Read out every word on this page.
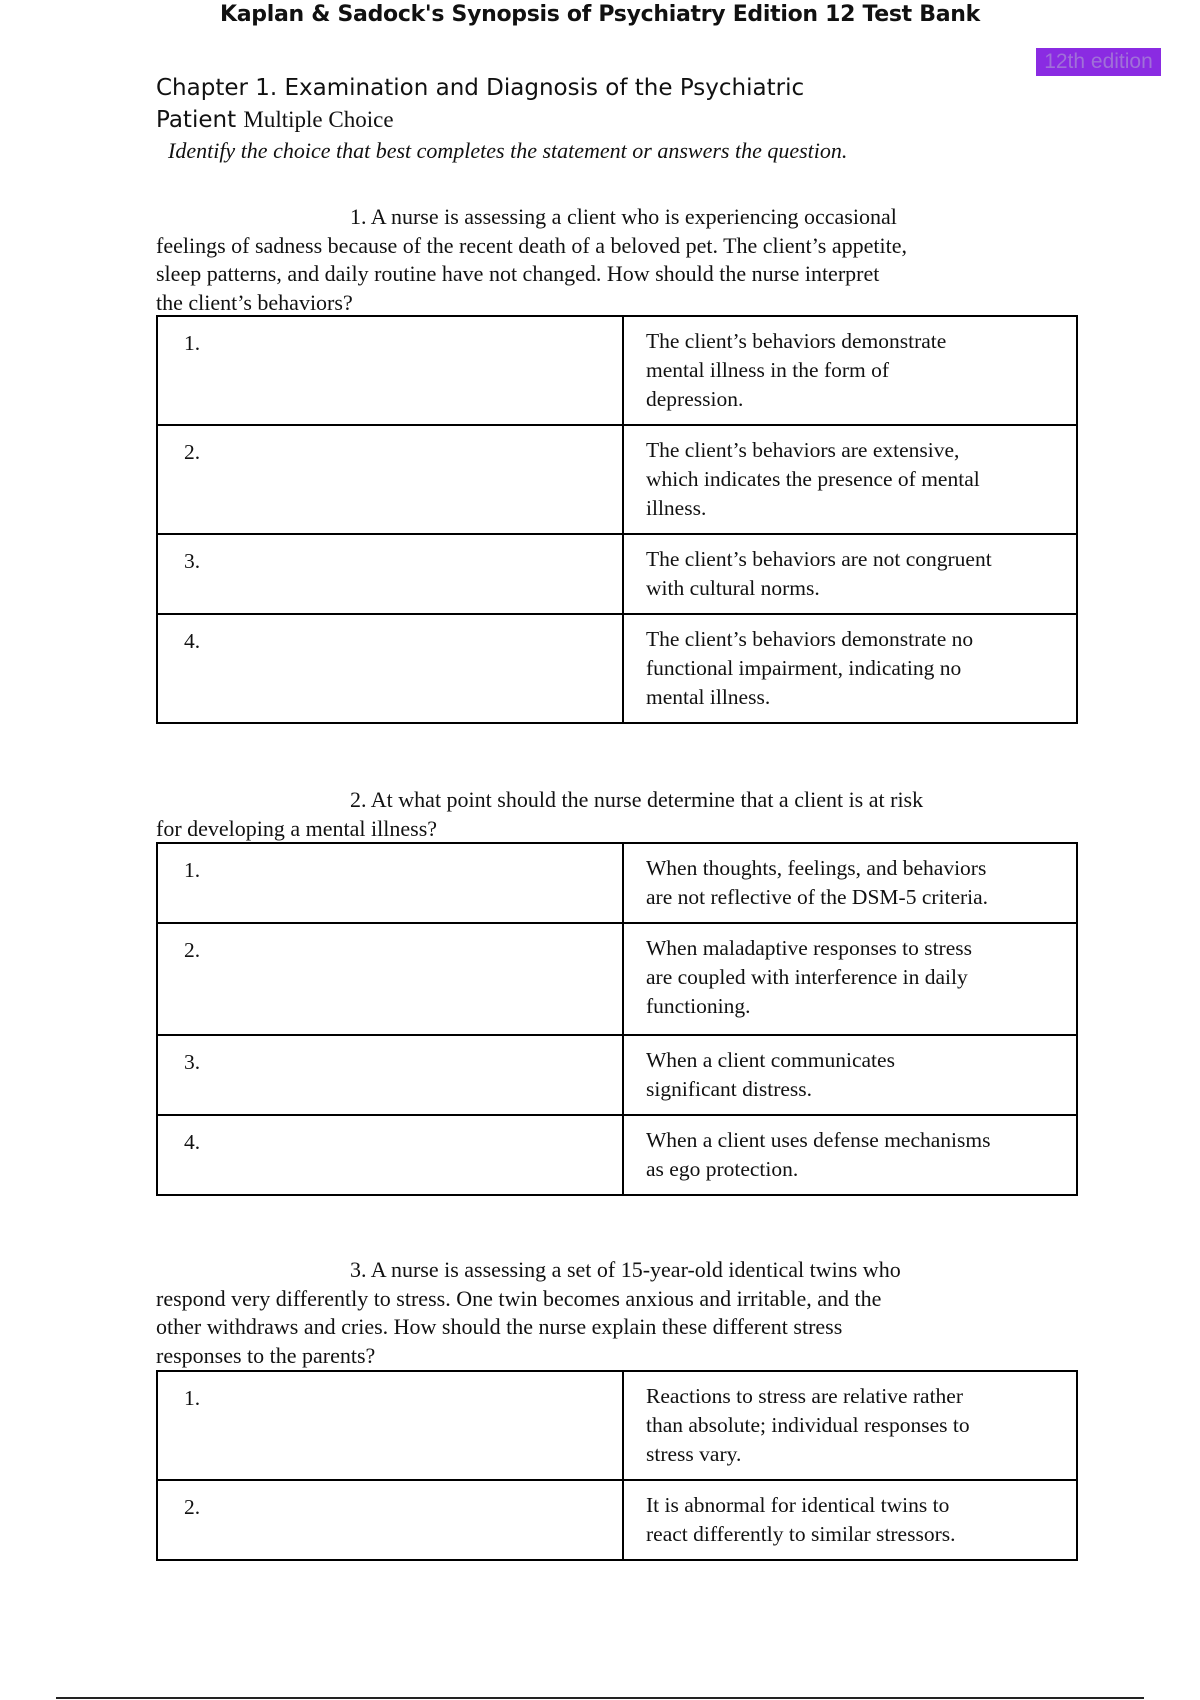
Kaplan & Sadock's Synopsis of Psychiatry Edition 12 Test Bank
12th edition
Chapter 1. Examination and Diagnosis of the Psychiatric
Patient Multiple Choice
Identify the choice that best completes the statement or answers the question.
1. A nurse is assessing a client who is experiencing occasional
feelings of sadness because of the recent death of a beloved pet. The client’s appetite,
sleep patterns, and daily routine have not changed. How should the nurse interpret
the client’s behaviors?
1.	The client’s behaviors demonstrate
mental illness in the form of
depression.

2.	The client’s behaviors are extensive,
which indicates the presence of mental
illness.

3.	The client’s behaviors are not congruent
with cultural norms.

4.	The client’s behaviors demonstrate no
functional impairment, indicating no
mental illness.
2. At what point should the nurse determine that a client is at risk
for developing a mental illness?
1.	When thoughts, feelings, and behaviors
are not reflective of the DSM-5 criteria.

2.	When maladaptive responses to stress
are coupled with interference in daily
functioning.

3.	When a client communicates
significant distress.

4.	When a client uses defense mechanisms
as ego protection.
3. A nurse is assessing a set of 15-year-old identical twins who
respond very differently to stress. One twin becomes anxious and irritable, and the
other withdraws and cries. How should the nurse explain these different stress
responses to the parents?
1.	Reactions to stress are relative rather
than absolute; individual responses to
stress vary.

2.	It is abnormal for identical twins to
react differently to similar stressors.
